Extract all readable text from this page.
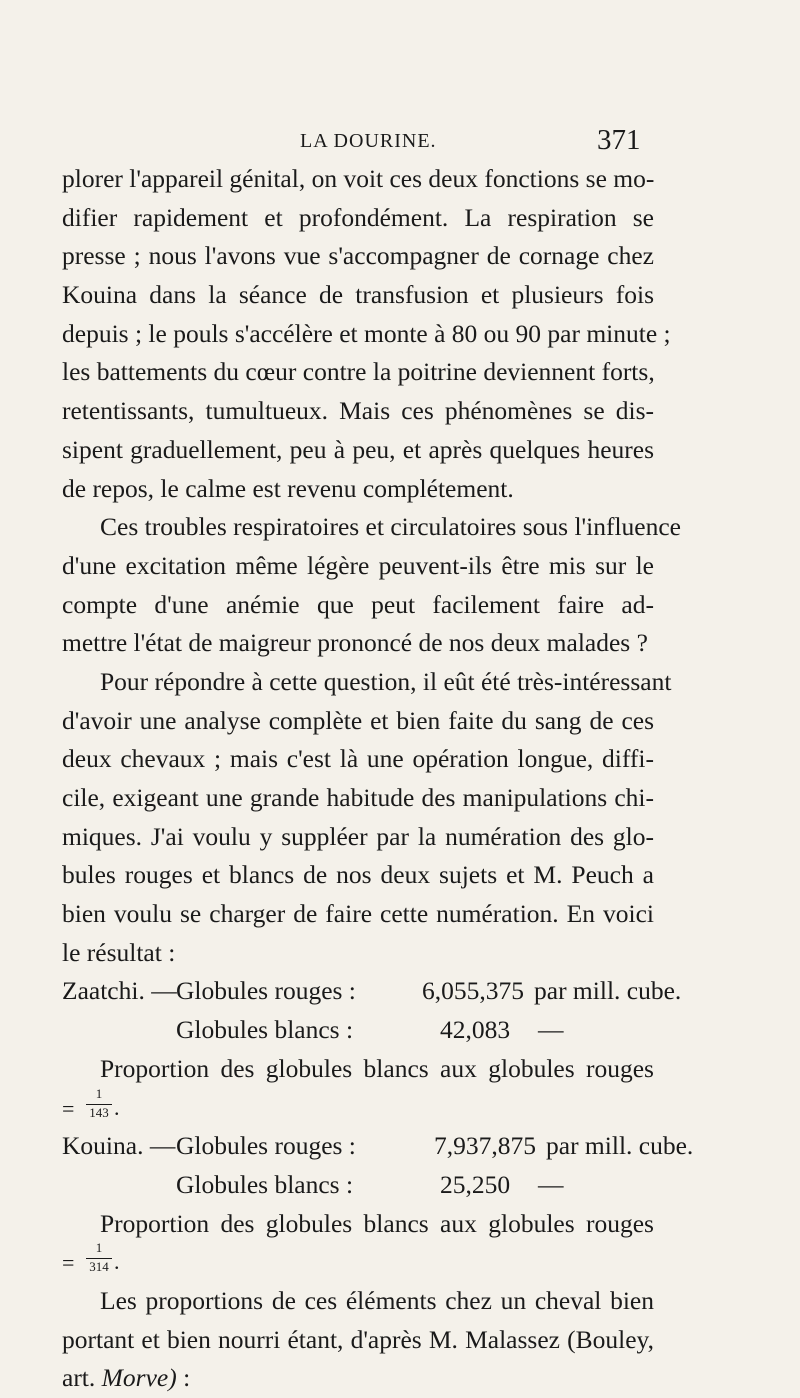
LA DOURINE.	371
plorer l'appareil génital, on voit ces deux fonctions se mo-
difier rapidement et profondément. La respiration se
presse ; nous l'avons vue s'accompagner de cornage chez
Kouina dans la séance de transfusion et plusieurs fois
depuis ; le pouls s'accélère et monte à 80 ou 90 par minute ;
les battements du cœur contre la poitrine deviennent forts,
retentissants, tumultueux. Mais ces phénomènes se dis-
sipent graduellement, peu à peu, et après quelques heures
de repos, le calme est revenu complétement.
Ces troubles respiratoires et circulatoires sous l'influence
d'une excitation même légère peuvent-ils être mis sur le
compte d'une anémie que peut facilement faire ad-
mettre l'état de maigreur prononcé de nos deux malades ?
Pour répondre à cette question, il eût été très-intéressant
d'avoir une analyse complète et bien faite du sang de ces
deux chevaux ; mais c'est là une opération longue, diffi-
cile, exigeant une grande habitude des manipulations chi-
miques. J'ai voulu y suppléer par la numération des glo-
bules rouges et blancs de nos deux sujets et M. Peuch a
bien voulu se charger de faire cette numération. En voici
le résultat :
Zaatchi. — Globules rouges :	6,055,375 par mill. cube.
Globules blancs :	42,083 —
Proportion des globules blancs aux globules rouges
=
1
143 .
Kouina. — Globules rouges :	7,937,875 par mill. cube.
Globules blancs :	25,250 —
Proportion des globules blancs aux globules rouges
=
1
314 .
Les proportions de ces éléments chez un cheval bien
portant et bien nourri étant, d'après M. Malassez (Bouley,
art. Morve) :
